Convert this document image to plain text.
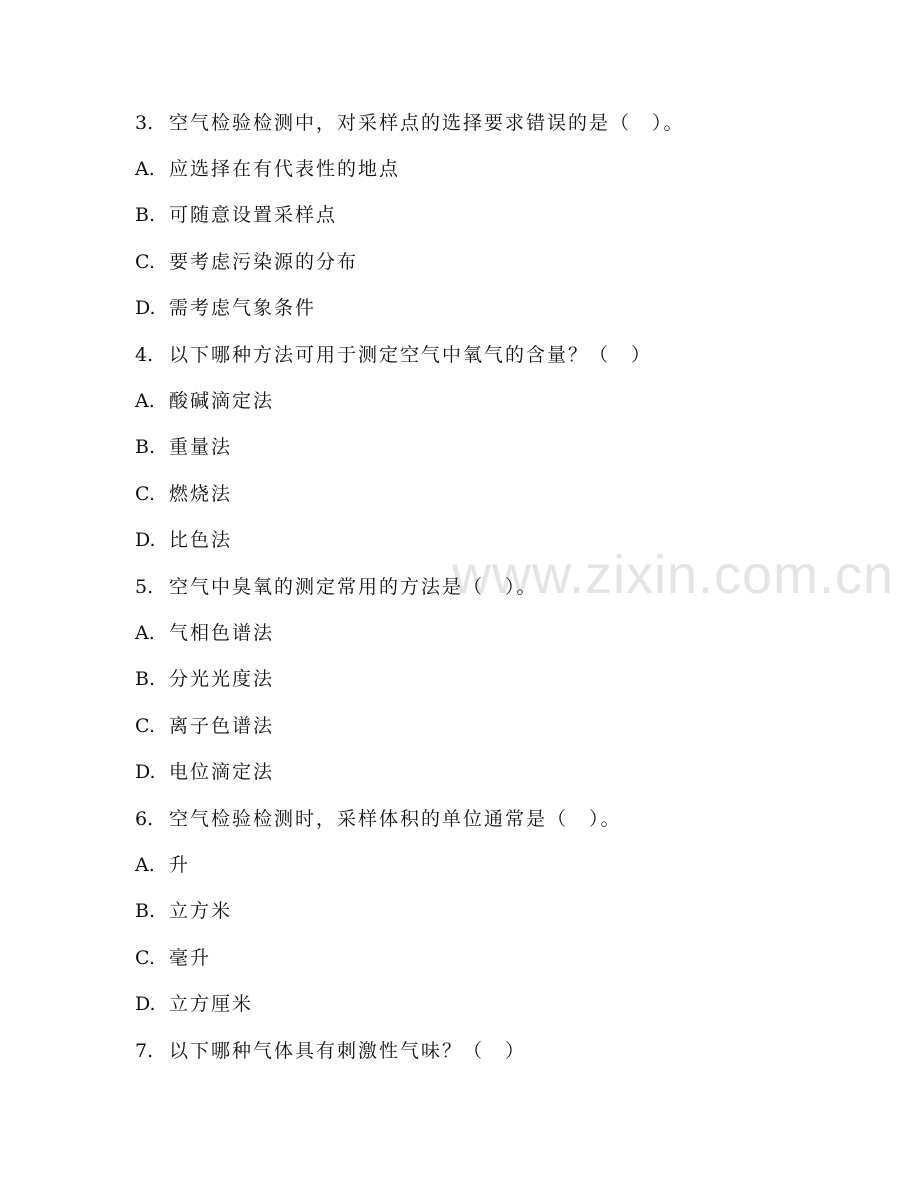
www.zixin.com.cn
3. 空气检验检测中，对采样点的选择要求错误的是（　）。
A. 应选择在有代表性的地点
B. 可随意设置采样点
C. 要考虑污染源的分布
D. 需考虑气象条件
4. 以下哪种方法可用于测定空气中氧气的含量？（　）
A. 酸碱滴定法
B. 重量法
C. 燃烧法
D. 比色法
5. 空气中臭氧的测定常用的方法是（　）。
A. 气相色谱法
B. 分光光度法
C. 离子色谱法
D. 电位滴定法
6. 空气检验检测时，采样体积的单位通常是（　）。
A. 升
B. 立方米
C. 毫升
D. 立方厘米
7. 以下哪种气体具有刺激性气味？（　）
